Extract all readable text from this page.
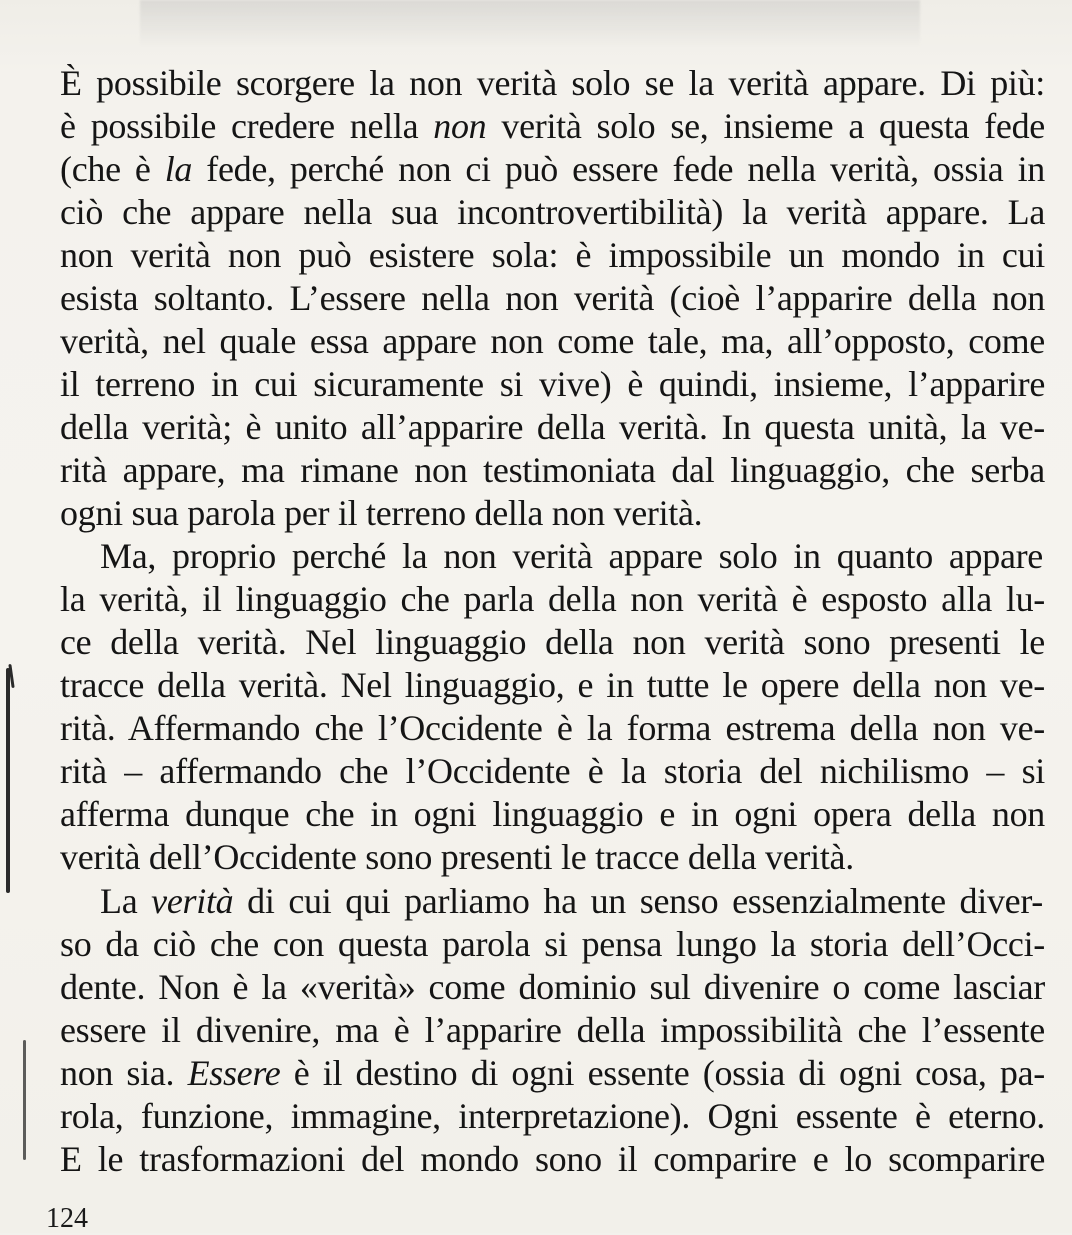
È possibile scorgere la non verità solo se la verità appare. Di più:
è possibile credere nella non verità solo se, insieme a questa fede
(che è la fede, perché non ci può essere fede nella verità, ossia in
ciò che appare nella sua incontrovertibilità) la verità appare. La
non verità non può esistere sola: è impossibile un mondo in cui
esista soltanto. L’essere nella non verità (cioè l’apparire della non
verità, nel quale essa appare non come tale, ma, all’opposto, come
il terreno in cui sicuramente si vive) è quindi, insieme, l’apparire
della verità; è unito all’apparire della verità. In questa unità, la ve-
rità appare, ma rimane non testimoniata dal linguaggio, che serba
ogni sua parola per il terreno della non verità.
Ma, proprio perché la non verità appare solo in quanto appare
la verità, il linguaggio che parla della non verità è esposto alla lu-
ce della verità. Nel linguaggio della non verità sono presenti le
tracce della verità. Nel linguaggio, e in tutte le opere della non ve-
rità. Affermando che l’Occidente è la forma estrema della non ve-
rità – affermando che l’Occidente è la storia del nichilismo – si
afferma dunque che in ogni linguaggio e in ogni opera della non
verità dell’Occidente sono presenti le tracce della verità.
La verità di cui qui parliamo ha un senso essenzialmente diver-
so da ciò che con questa parola si pensa lungo la storia dell’Occi-
dente. Non è la «verità» come dominio sul divenire o come lasciar
essere il divenire, ma è l’apparire della impossibilità che l’essente
non sia. Essere è il destino di ogni essente (ossia di ogni cosa, pa-
rola, funzione, immagine, interpretazione). Ogni essente è eterno.
E le trasformazioni del mondo sono il comparire e lo scomparire
124
